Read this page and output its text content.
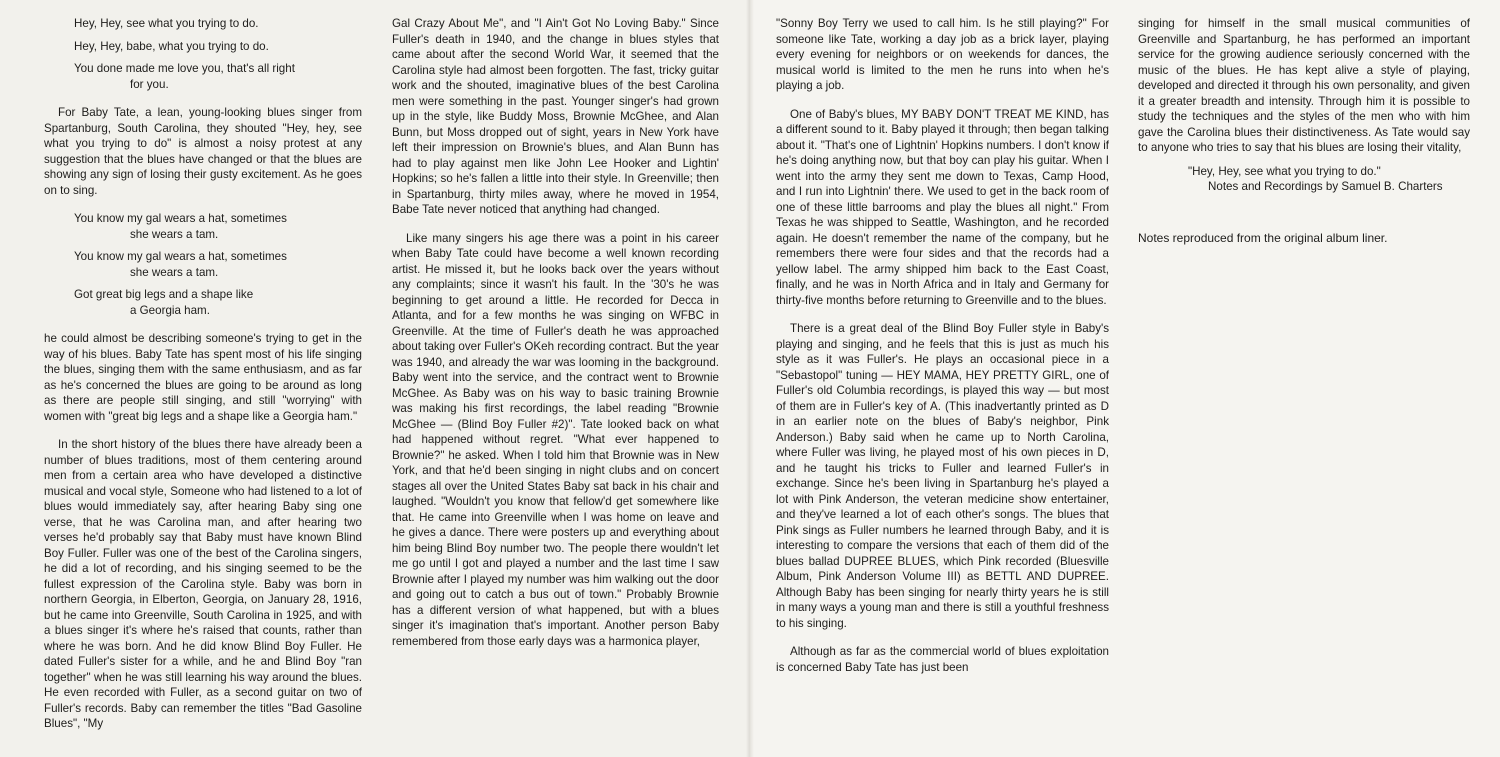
Hey, Hey, see what you trying to do.
Hey, Hey, babe, what you trying to do.
You done made me love you, that's all right
for you.

For Baby Tate, a lean, young-looking blues singer from Spartanburg, South Carolina, they shouted "Hey, hey, see what you trying to do" is almost a noisy protest at any suggestion that the blues have changed or that the blues are showing any sign of losing their gusty excitement. As he goes on to sing.

You know my gal wears a hat, sometimes
she wears a tam.
You know my gal wears a hat, sometimes
she wears a tam.
Got great big legs and a shape like
a Georgia ham.

he could almost be describing someone's trying to get in the way of his blues. Baby Tate has spent most of his life singing the blues, singing them with the same enthusiasm, and as far as he's concerned the blues are going to be around as long as there are people still singing, and still "worrying" with women with "great big legs and a shape like a Georgia ham."

In the short history of the blues there have already been a number of blues traditions, most of them centering around men from a certain area who have developed a distinctive musical and vocal style, Someone who had listened to a lot of blues would immediately say, after hearing Baby sing one verse, that he was Carolina man, and after hearing two verses he'd probably say that Baby must have known Blind Boy Fuller. Fuller was one of the best of the Carolina singers, he did a lot of recording, and his singing seemed to be the fullest expression of the Carolina style. Baby was born in northern Georgia, in Elberton, Georgia, on January 28, 1916, but he came into Greenville, South Carolina in 1925, and with a blues singer it's where he's raised that counts, rather than where he was born. And he did know Blind Boy Fuller. He dated Fuller's sister for a while, and he and Blind Boy "ran together" when he was still learning his way around the blues. He even recorded with Fuller, as a second guitar on two of Fuller's records. Baby can remember the titles "Bad Gasoline Blues", "My

Gal Crazy About Me", and "I Ain't Got No Loving Baby." Since Fuller's death in 1940, and the change in blues styles that came about after the second World War, it seemed that the Carolina style had almost been forgotten. The fast, tricky guitar work and the shouted, imaginative blues of the best Carolina men were something in the past. Younger singer's had grown up in the style, like Buddy Moss, Brownie McGhee, and Alan Bunn, but Moss dropped out of sight, years in New York have left their impression on Brownie's blues, and Alan Bunn has had to play against men like John Lee Hooker and Lightin' Hopkins; so he's fallen a little into their style. In Greenville; then in Spartanburg, thirty miles away, where he moved in 1954, Babe Tate never noticed that anything had changed.

Like many singers his age there was a point in his career when Baby Tate could have become a well known recording artist. He missed it, but he looks back over the years without any complaints; since it wasn't his fault. In the '30's he was beginning to get around a little. He recorded for Decca in Atlanta, and for a few months he was singing on WFBC in Greenville. At the time of Fuller's death he was approached about taking over Fuller's OKeh recording contract. But the year was 1940, and already the war was looming in the background. Baby went into the service, and the contract went to Brownie McGhee. As Baby was on his way to basic training Brownie was making his first recordings, the label reading "Brownie McGhee — (Blind Boy Fuller #2)". Tate looked back on what had happened without regret. "What ever happened to Brownie?" he asked. When I told him that Brownie was in New York, and that he'd been singing in night clubs and on concert stages all over the United States Baby sat back in his chair and laughed. "Wouldn't you know that fellow'd get somewhere like that. He came into Greenville when I was home on leave and he gives a dance. There were posters up and everything about him being Blind Boy number two. The people there wouldn't let me go until I got and played a number and the last time I saw Brownie after I played my number was him walking out the door and going out to catch a bus out of town." Probably Brownie has a different version of what happened, but with a blues singer it's imagination that's important. Another person Baby remembered from those early days was a harmonica player,

"Sonny Boy Terry we used to call him. Is he still playing?" For someone like Tate, working a day job as a brick layer, playing every evening for neighbors or on weekends for dances, the musical world is limited to the men he runs into when he's playing a job.

One of Baby's blues, MY BABY DON'T TREAT ME KIND, has a different sound to it. Baby played it through; then began talking about it. "That's one of Lightnin' Hopkins numbers. I don't know if he's doing anything now, but that boy can play his guitar. When I went into the army they sent me down to Texas, Camp Hood, and I run into Lightnin' there. We used to get in the back room of one of these little barrooms and play the blues all night." From Texas he was shipped to Seattle, Washington, and he recorded again. He doesn't remember the name of the company, but he remembers there were four sides and that the records had a yellow label. The army shipped him back to the East Coast, finally, and he was in North Africa and in Italy and Germany for thirty-five months before returning to Greenville and to the blues.

There is a great deal of the Blind Boy Fuller style in Baby's playing and singing, and he feels that this is just as much his style as it was Fuller's. He plays an occasional piece in a "Sebastopol" tuning — HEY MAMA, HEY PRETTY GIRL, one of Fuller's old Columbia recordings, is played this way — but most of them are in Fuller's key of A. (This inadvertantly printed as D in an earlier note on the blues of Baby's neighbor, Pink Anderson.) Baby said when he came up to North Carolina, where Fuller was living, he played most of his own pieces in D, and he taught his tricks to Fuller and learned Fuller's in exchange. Since he's been living in Spartanburg he's played a lot with Pink Anderson, the veteran medicine show entertainer, and they've learned a lot of each other's songs. The blues that Pink sings as Fuller numbers he learned through Baby, and it is interesting to compare the versions that each of them did of the blues ballad DUPREE BLUES, which Pink recorded (Bluesville Album, Pink Anderson Volume III) as BETTL AND DUPREE. Although Baby has been singing for nearly thirty years he is still in many ways a young man and there is still a youthful freshness to his singing.

Although as far as the commercial world of blues exploitation is concerned Baby Tate has just been

singing for himself in the small musical communities of Greenville and Spartanburg, he has performed an important service for the growing audience seriously concerned with the music of the blues. He has kept alive a style of playing, developed and directed it through his own personality, and given it a greater breadth and intensity. Through him it is possible to study the techniques and the styles of the men who with him gave the Carolina blues their distinctiveness. As Tate would say to anyone who tries to say that his blues are losing their vitality,

"Hey, Hey, see what you trying to do."
Notes and Recordings by Samuel B. Charters
Notes reproduced from the original album liner.
